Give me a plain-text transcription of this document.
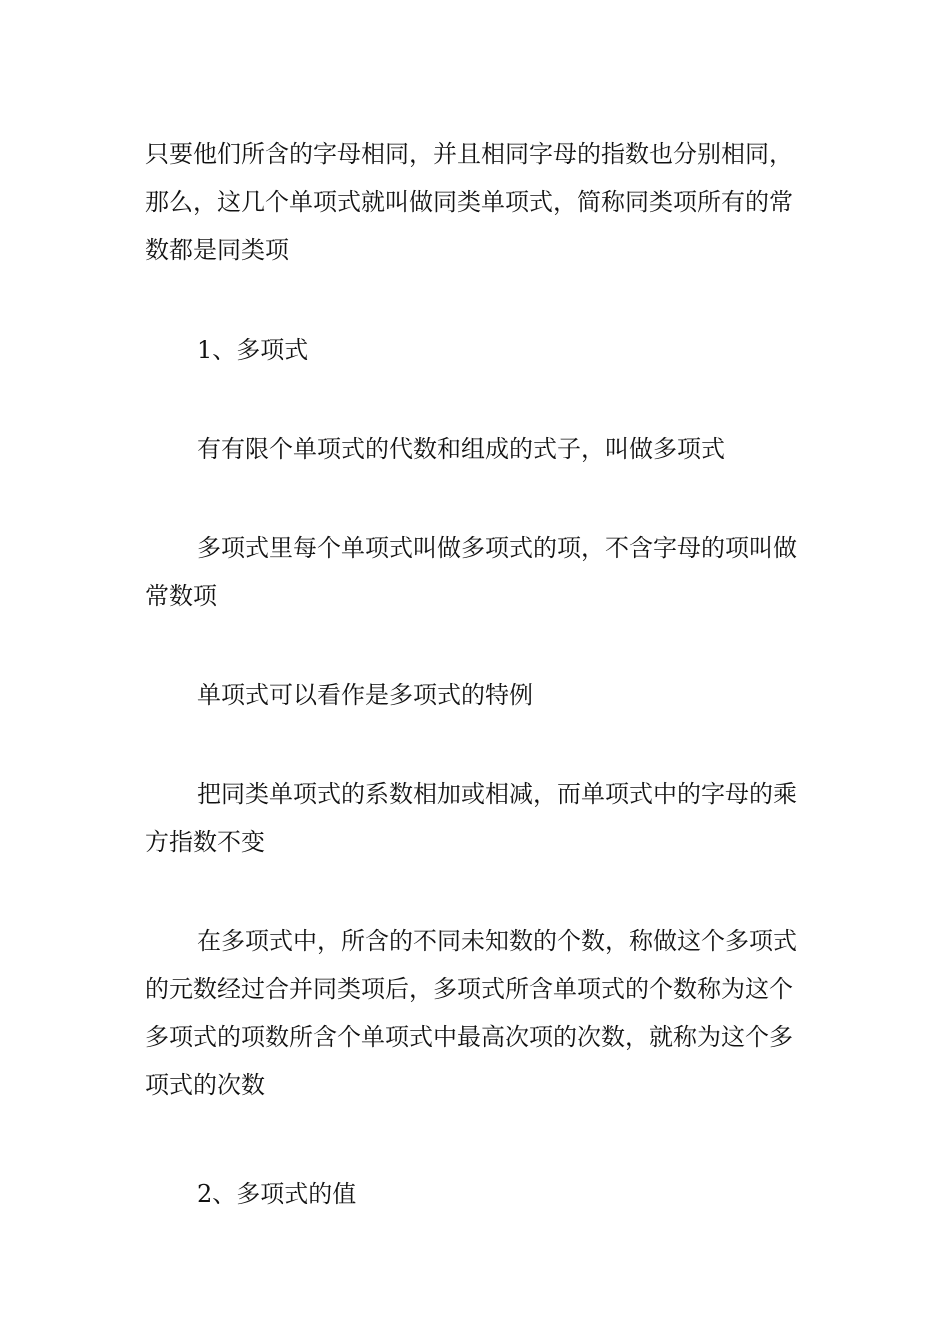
只要他们所含的字母相同，并且相同字母的指数也分别相同，那么，这几个单项式就叫做同类单项式，简称同类项所有的常数都是同类项

1、多项式

有有限个单项式的代数和组成的式子，叫做多项式

多项式里每个单项式叫做多项式的项，不含字母的项叫做常数项

单项式可以看作是多项式的特例

把同类单项式的系数相加或相减，而单项式中的字母的乘方指数不变

在多项式中，所含的不同未知数的个数，称做这个多项式的元数经过合并同类项后，多项式所含单项式的个数称为这个多项式的项数所含个单项式中最高次项的次数，就称为这个多项式的次数

2、多项式的值
